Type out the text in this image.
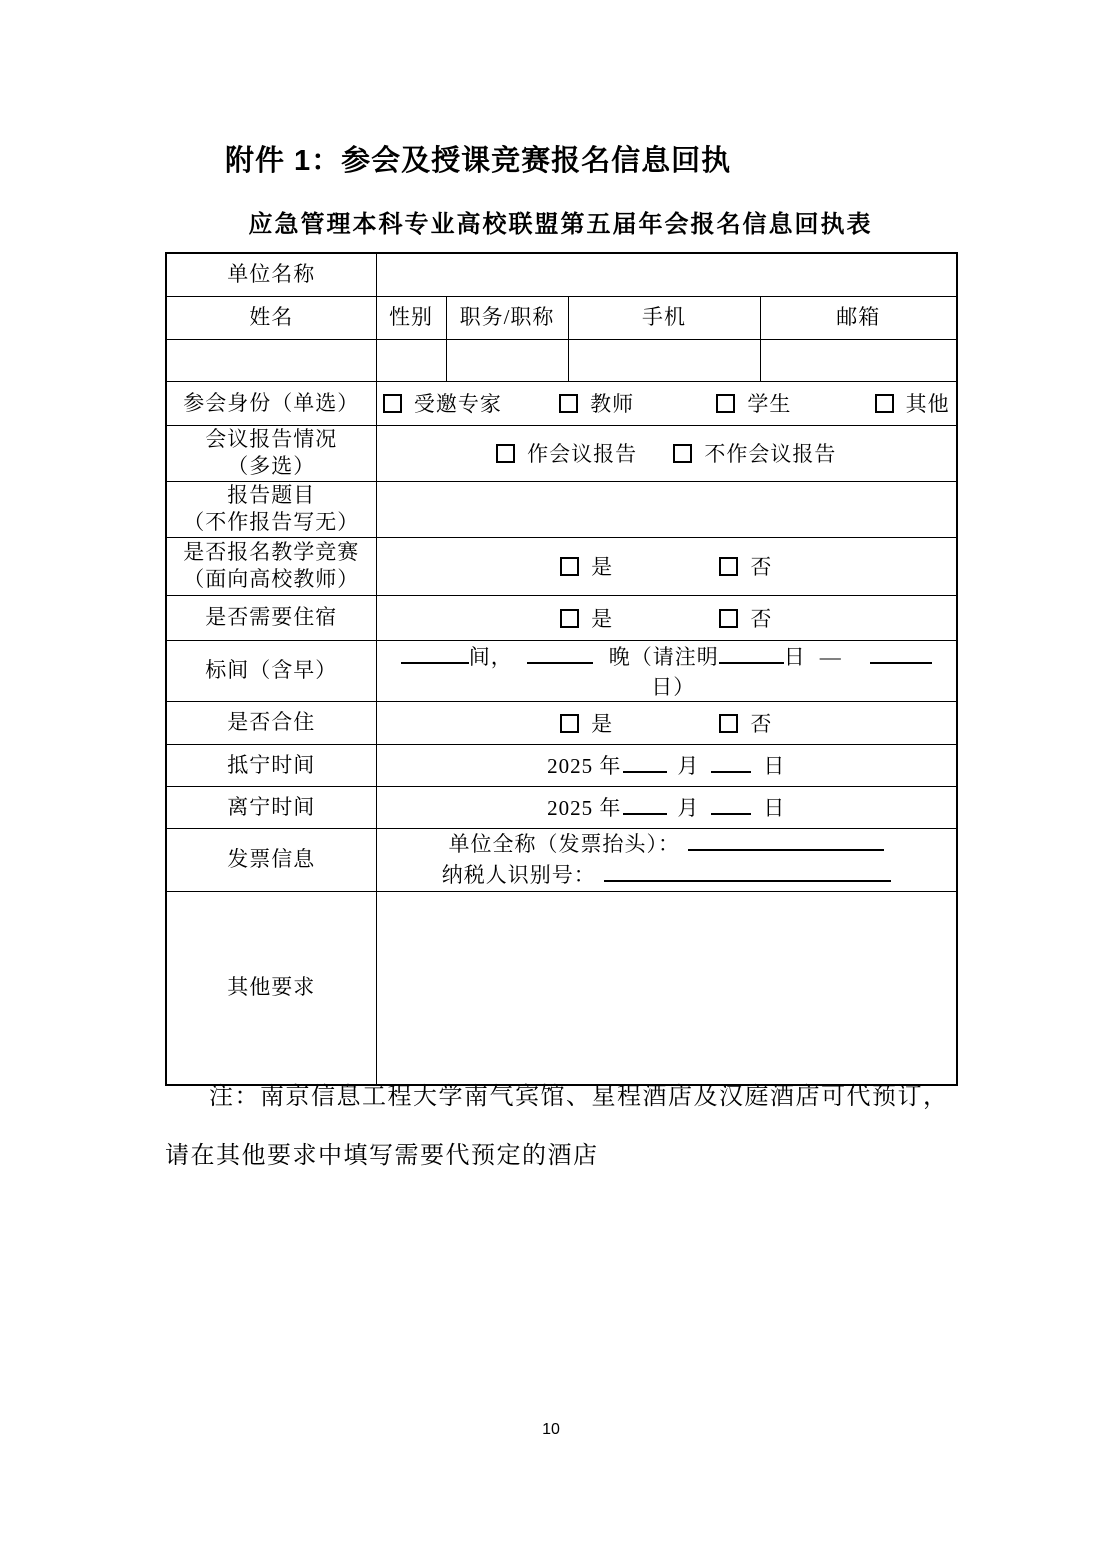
附件 1：参会及授课竞赛报名信息回执
应急管理本科专业高校联盟第五届年会报名信息回执表
单位名称				
姓名	性别	职务/职称	手机	邮箱

参会身份（单选）	受邀专家 教师 学生 其他			

会议报告情况
（多选）	作会议报告 不作会议报告			

报告题目
（不作报告写无）				

是否报名教学竞赛
（面向高校教师）	是 否			
是否需要住宿	是 否			
标间（含早）	间， 晚（请注明 日 —日）			
是否合住	是 否			
抵宁时间	2025 年 月 日			
离宁时间	2025 年 月 日			
发票信息	单位全称（发票抬头）：
纳税人识别号：			

其他要求				
注：南京信息工程大学南气宾馆、星程酒店及汉庭酒店可代预订，
请在其他要求中填写需要代预定的酒店
10
